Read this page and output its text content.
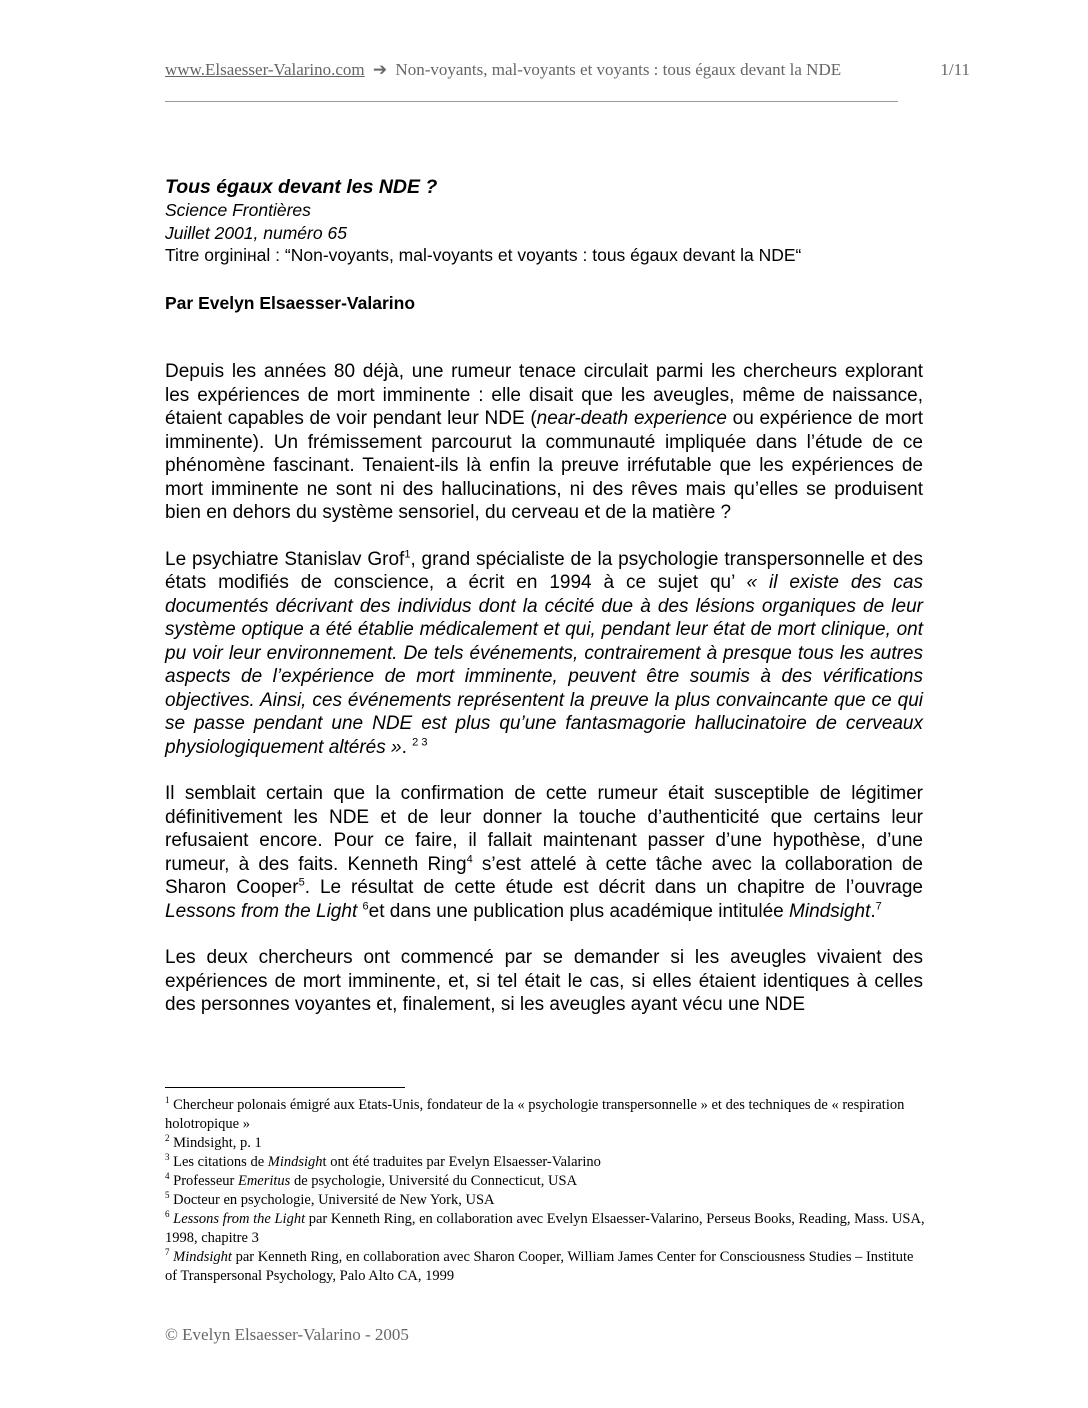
www.Elsaesser-Valarino.com ➔ Non-voyants, mal-voyants et voyants : tous égaux devant la NDE	1/11
Tous égaux devant les NDE ?
Science Frontières
Juillet 2001, numéro 65
Titre orginінal : “Non-voyants, mal-voyants et voyants : tous égaux devant la NDE“
Par Evelyn Elsaesser-Valarino

Depuis les années 80 déjà, une rumeur tenace circulait parmi les chercheurs explorant les expériences de mort imminente : elle disait que les aveugles, même de naissance, étaient capables de voir pendant leur NDE (near-death experience ou expérience de mort imminente). Un frémissement parcourut la communauté impliquée dans l’étude de ce phénomène fascinant. Tenaient-ils là enfin la preuve irréfutable que les expériences de mort imminente ne sont ni des hallucinations, ni des rêves mais qu’elles se produisent bien en dehors du système sensoriel, du cerveau et de la matière ?

Le psychiatre Stanislav Grof$^1$, grand spécialiste de la psychologie transpersonnelle et des états modifiés de conscience, a écrit en 1994 à ce sujet qu’ « il existe des cas documentés décrivant des individus dont la cécité due à des lésions organiques de leur système optique a été établie médicalement et qui, pendant leur état de mort clinique, ont pu voir leur environnement. De tels événements, contrairement à presque tous les autres aspects de l’expérience de mort imminente, peuvent être soumis à des vérifications objectives. Ainsi, ces événements représentent la preuve la plus convaincante que ce qui se passe pendant une NDE est plus qu’une fantasmagorie hallucinatoire de cerveaux physiologiquement altérés ». $^{2 3}$

Il semblait certain que la confirmation de cette rumeur était susceptible de légitimer définitivement les NDE et de leur donner la touche d’authenticité que certains leur refusaient encore. Pour ce faire, il fallait maintenant passer d’une hypothèse, d’une rumeur, à des faits. Kenneth Ring$^4$ s’est attelé à cette tâche avec la collaboration de Sharon Cooper$^5$. Le résultat de cette étude est décrit dans un chapitre de l’ouvrage Lessons from the Light $^6$et dans une publication plus académique intitulée Mindsight.$^7$

Les deux chercheurs ont commencé par se demander si les aveugles vivaient des expériences de mort imminente, et, si tel était le cas, si elles étaient identiques à celles des personnes voyantes et, finalement, si les aveugles ayant vécu une NDE

$^1$ Chercheur polonais émigré aux Etats-Unis, fondateur de la « psychologie transpersonnelle » et des techniques de « respiration holotropique »

$^2$ Mindsight, p. 1

$^3$ Les citations de Mindsight ont été traduites par Evelyn Elsaesser-Valarino

$^4$ Professeur Emeritus de psychologie, Université du Connecticut, USA

$^5$ Docteur en psychologie, Université de New York, USA

$^6$ Lessons from the Light par Kenneth Ring, en collaboration avec Evelyn Elsaesser-Valarino, Perseus Books, Reading, Mass. USA, 1998, chapitre 3

$^7$ Mindsight par Kenneth Ring, en collaboration avec Sharon Cooper, William James Center for Consciousness Studies – Institute of Transpersonal Psychology, Palo Alto CA, 1999

© Evelyn Elsaesser-Valarino - 2005
